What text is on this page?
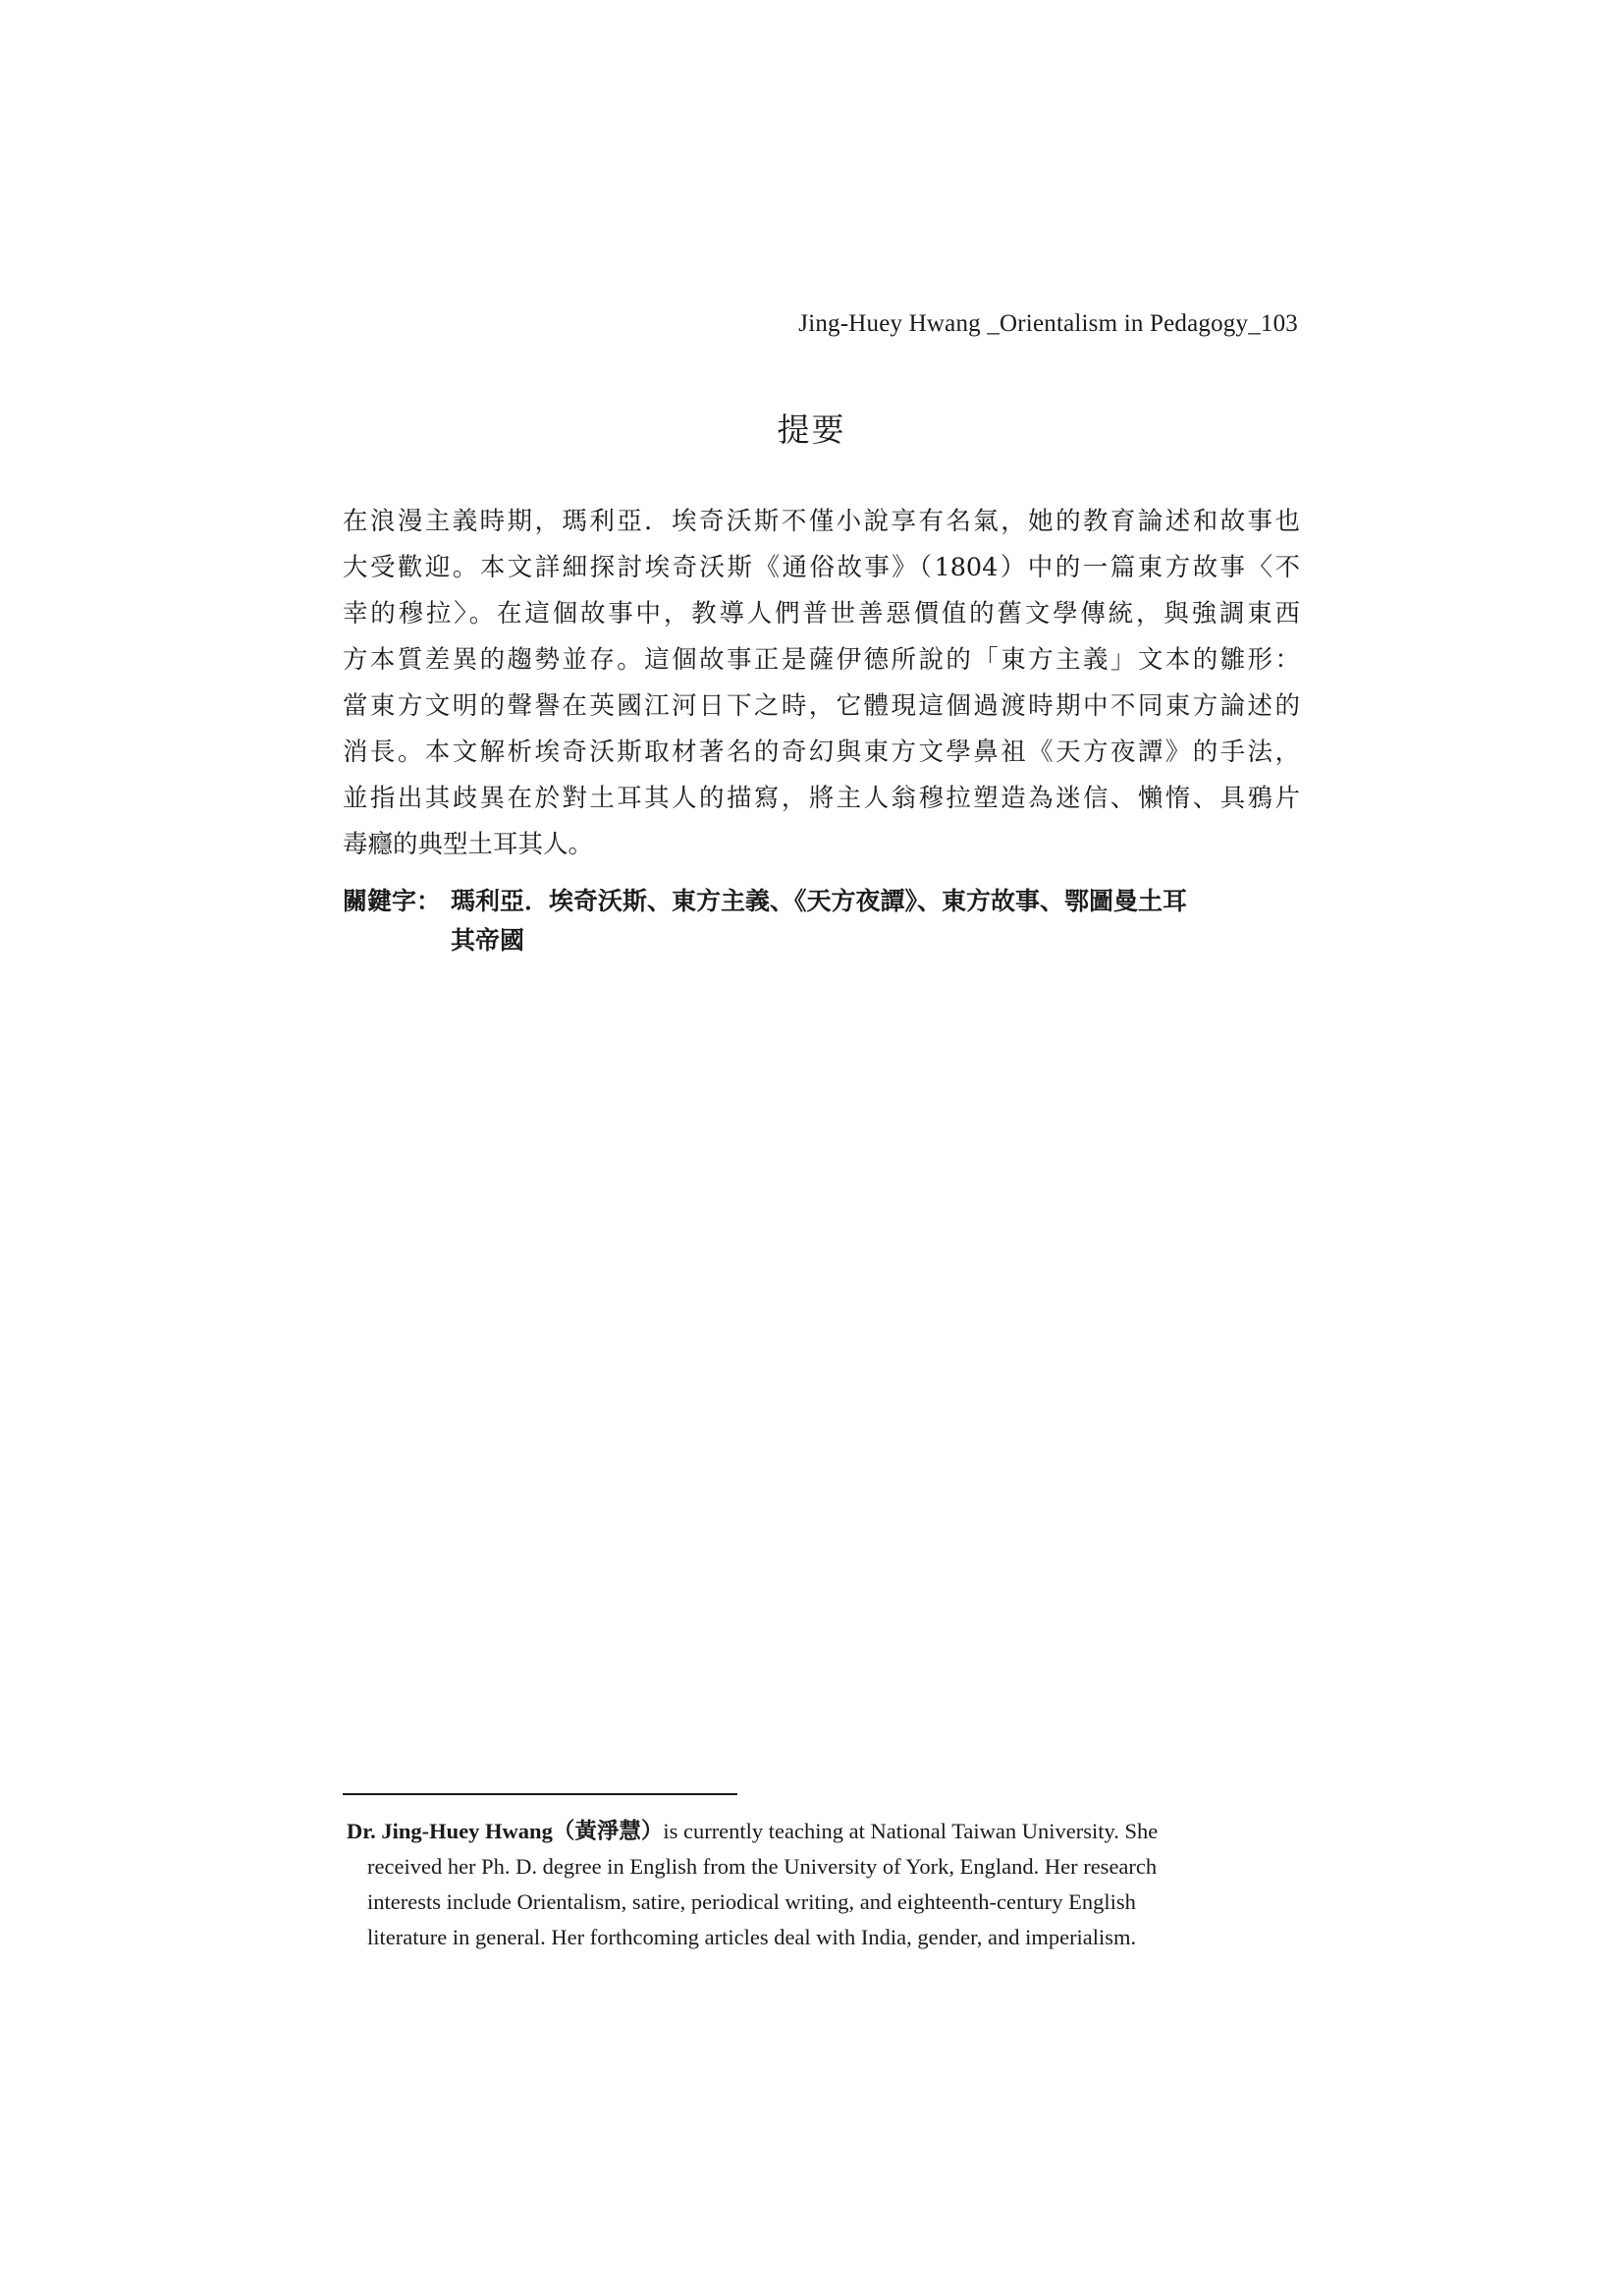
Jing-Huey Hwang _Orientalism in Pedagogy_103
提要
在浪漫主義時期，瑪利亞．埃奇沃斯不僅小說享有名氣，她的教育論述和故事也
大受歡迎。本文詳細探討埃奇沃斯《通俗故事》（1804）中的一篇東方故事〈不
幸的穆拉〉。在這個故事中，教導人們普世善惡價值的舊文學傳統，與強調東西
方本質差異的趨勢並存。這個故事正是薩伊德所說的「東方主義」文本的雛形：
當東方文明的聲譽在英國江河日下之時，它體現這個過渡時期中不同東方論述的
消長。本文解析埃奇沃斯取材著名的奇幻與東方文學鼻祖《天方夜譚》的手法，
並指出其歧異在於對土耳其人的描寫，將主人翁穆拉塑造為迷信、懶惰、具鴉片
毒癮的典型土耳其人。
關鍵字： 瑪利亞．埃奇沃斯、東方主義、《天方夜譚》、東方故事、鄂圖曼土耳
其帝國
Dr. Jing-Huey Hwang（黃淨慧）is currently teaching at National Taiwan University. She
received her Ph. D. degree in English from the University of York, England. Her research
interests include Orientalism, satire, periodical writing, and eighteenth-century English
literature in general. Her forthcoming articles deal with India, gender, and imperialism.
